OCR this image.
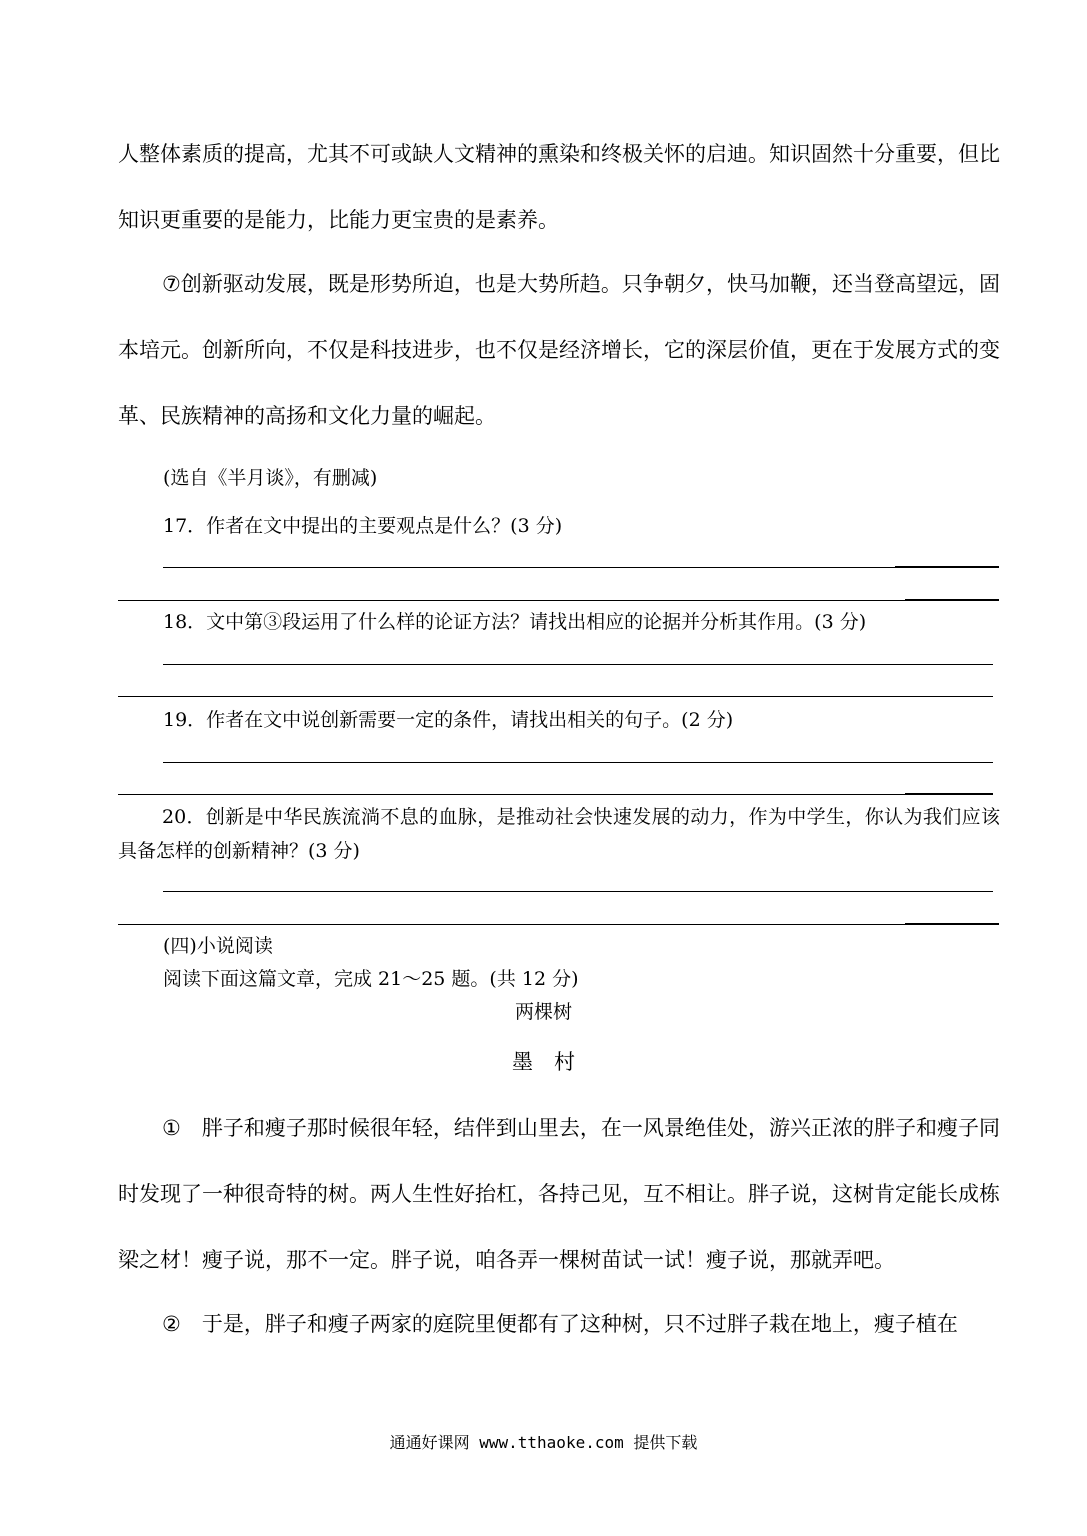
人整体素质的提高，尤其不可或缺人文精神的熏染和终极关怀的启迪。知识固然十分重要，但比知识更重要的是能力，比能力更宝贵的是素养。

⑦创新驱动发展，既是形势所迫，也是大势所趋。只争朝夕，快马加鞭，还当登高望远，固本培元。创新所向，不仅是科技进步，也不仅是经济增长，它的深层价值，更在于发展方式的变革、民族精神的高扬和文化力量的崛起。

(选自《半月谈》，有删减)

17．作者在文中提出的主要观点是什么？(3 分)

18．文中第③段运用了什么样的论证方法？请找出相应的论据并分析其作用。(3 分)

19．作者在文中说创新需要一定的条件，请找出相关的句子。(2 分)

20．创新是中华民族流淌不息的血脉，是推动社会快速发展的动力，作为中学生，你认为我们应该具备怎样的创新精神？(3 分)

(四)小说阅读

阅读下面这篇文章，完成 21～25 题。(共 12 分)

两棵树

墨　村

①　胖子和瘦子那时候很年轻，结伴到山里去，在一风景绝佳处，游兴正浓的胖子和瘦子同时发现了一种很奇特的树。两人生性好抬杠，各持己见，互不相让。胖子说，这树肯定能长成栋梁之材！瘦子说，那不一定。胖子说，咱各弄一棵树苗试一试！瘦子说，那就弄吧。

②　于是，胖子和瘦子两家的庭院里便都有了这种树，只不过胖子栽在地上，瘦子植在

通通好课网 www.tthaoke.com 提供下载
